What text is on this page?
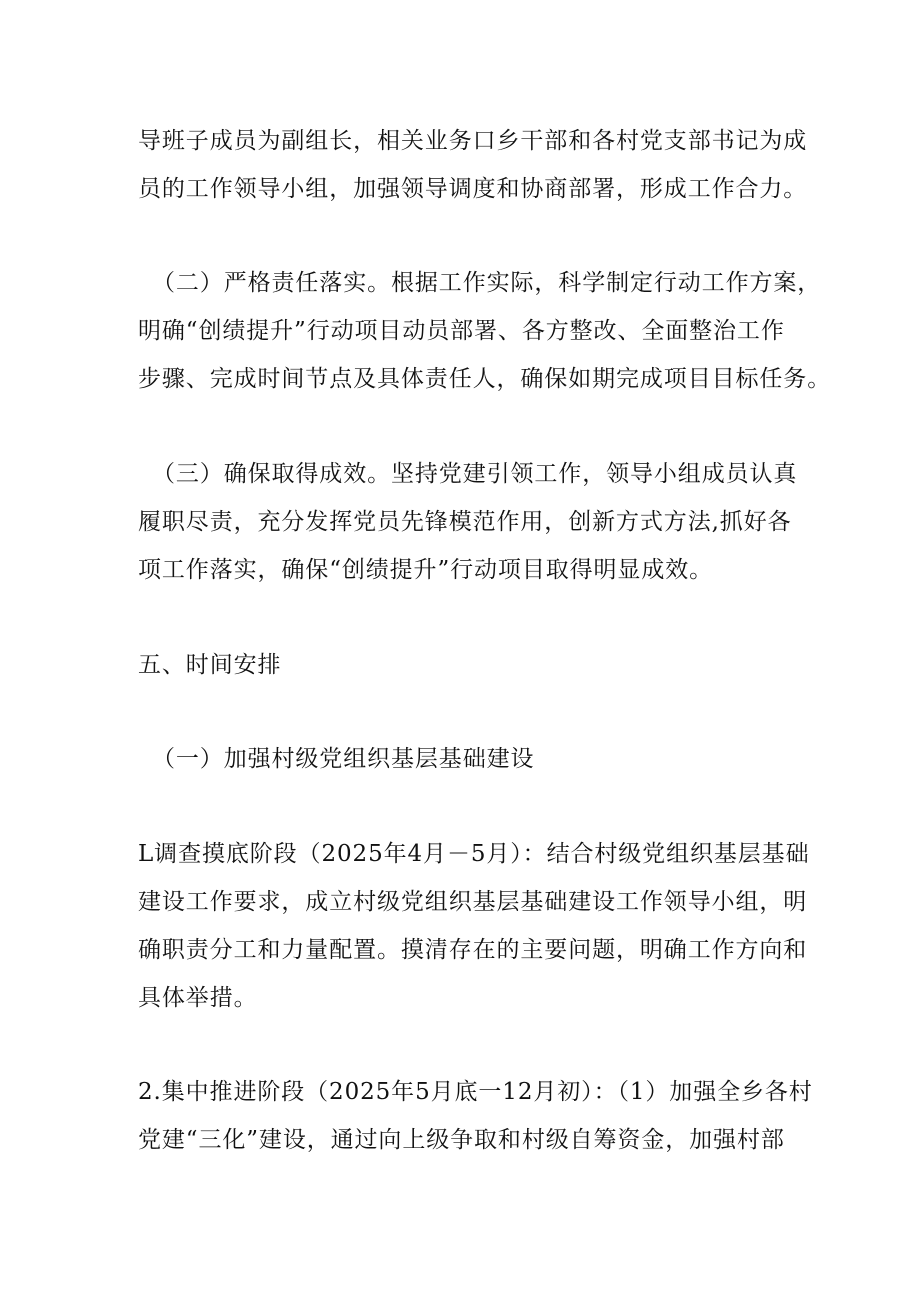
导班子成员为副组长，相关业务口乡干部和各村党支部书记为成
员的工作领导小组，加强领导调度和协商部署，形成工作合力。

（二）严格责任落实。根据工作实际，科学制定行动工作方案，
明确“创绩提升”行动项目动员部署、各方整改、全面整治工作
步骤、完成时间节点及具体责任人，确保如期完成项目目标任务。

（三）确保取得成效。坚持党建引领工作，领导小组成员认真
履职尽责，充分发挥党员先锋模范作用，创新方式方法,抓好各
项工作落实，确保“创绩提升”行动项目取得明显成效。

五、时间安排

（一）加强村级党组织基层基础建设

L调查摸底阶段（2025年4月－5月）：结合村级党组织基层基础
建设工作要求，成立村级党组织基层基础建设工作领导小组，明
确职责分工和力量配置。摸清存在的主要问题，明确工作方向和
具体举措。

2.集中推进阶段（2025年5月底一12月初）：（1）加强全乡各村
党建“三化”建设，通过向上级争取和村级自筹资金，加强村部
